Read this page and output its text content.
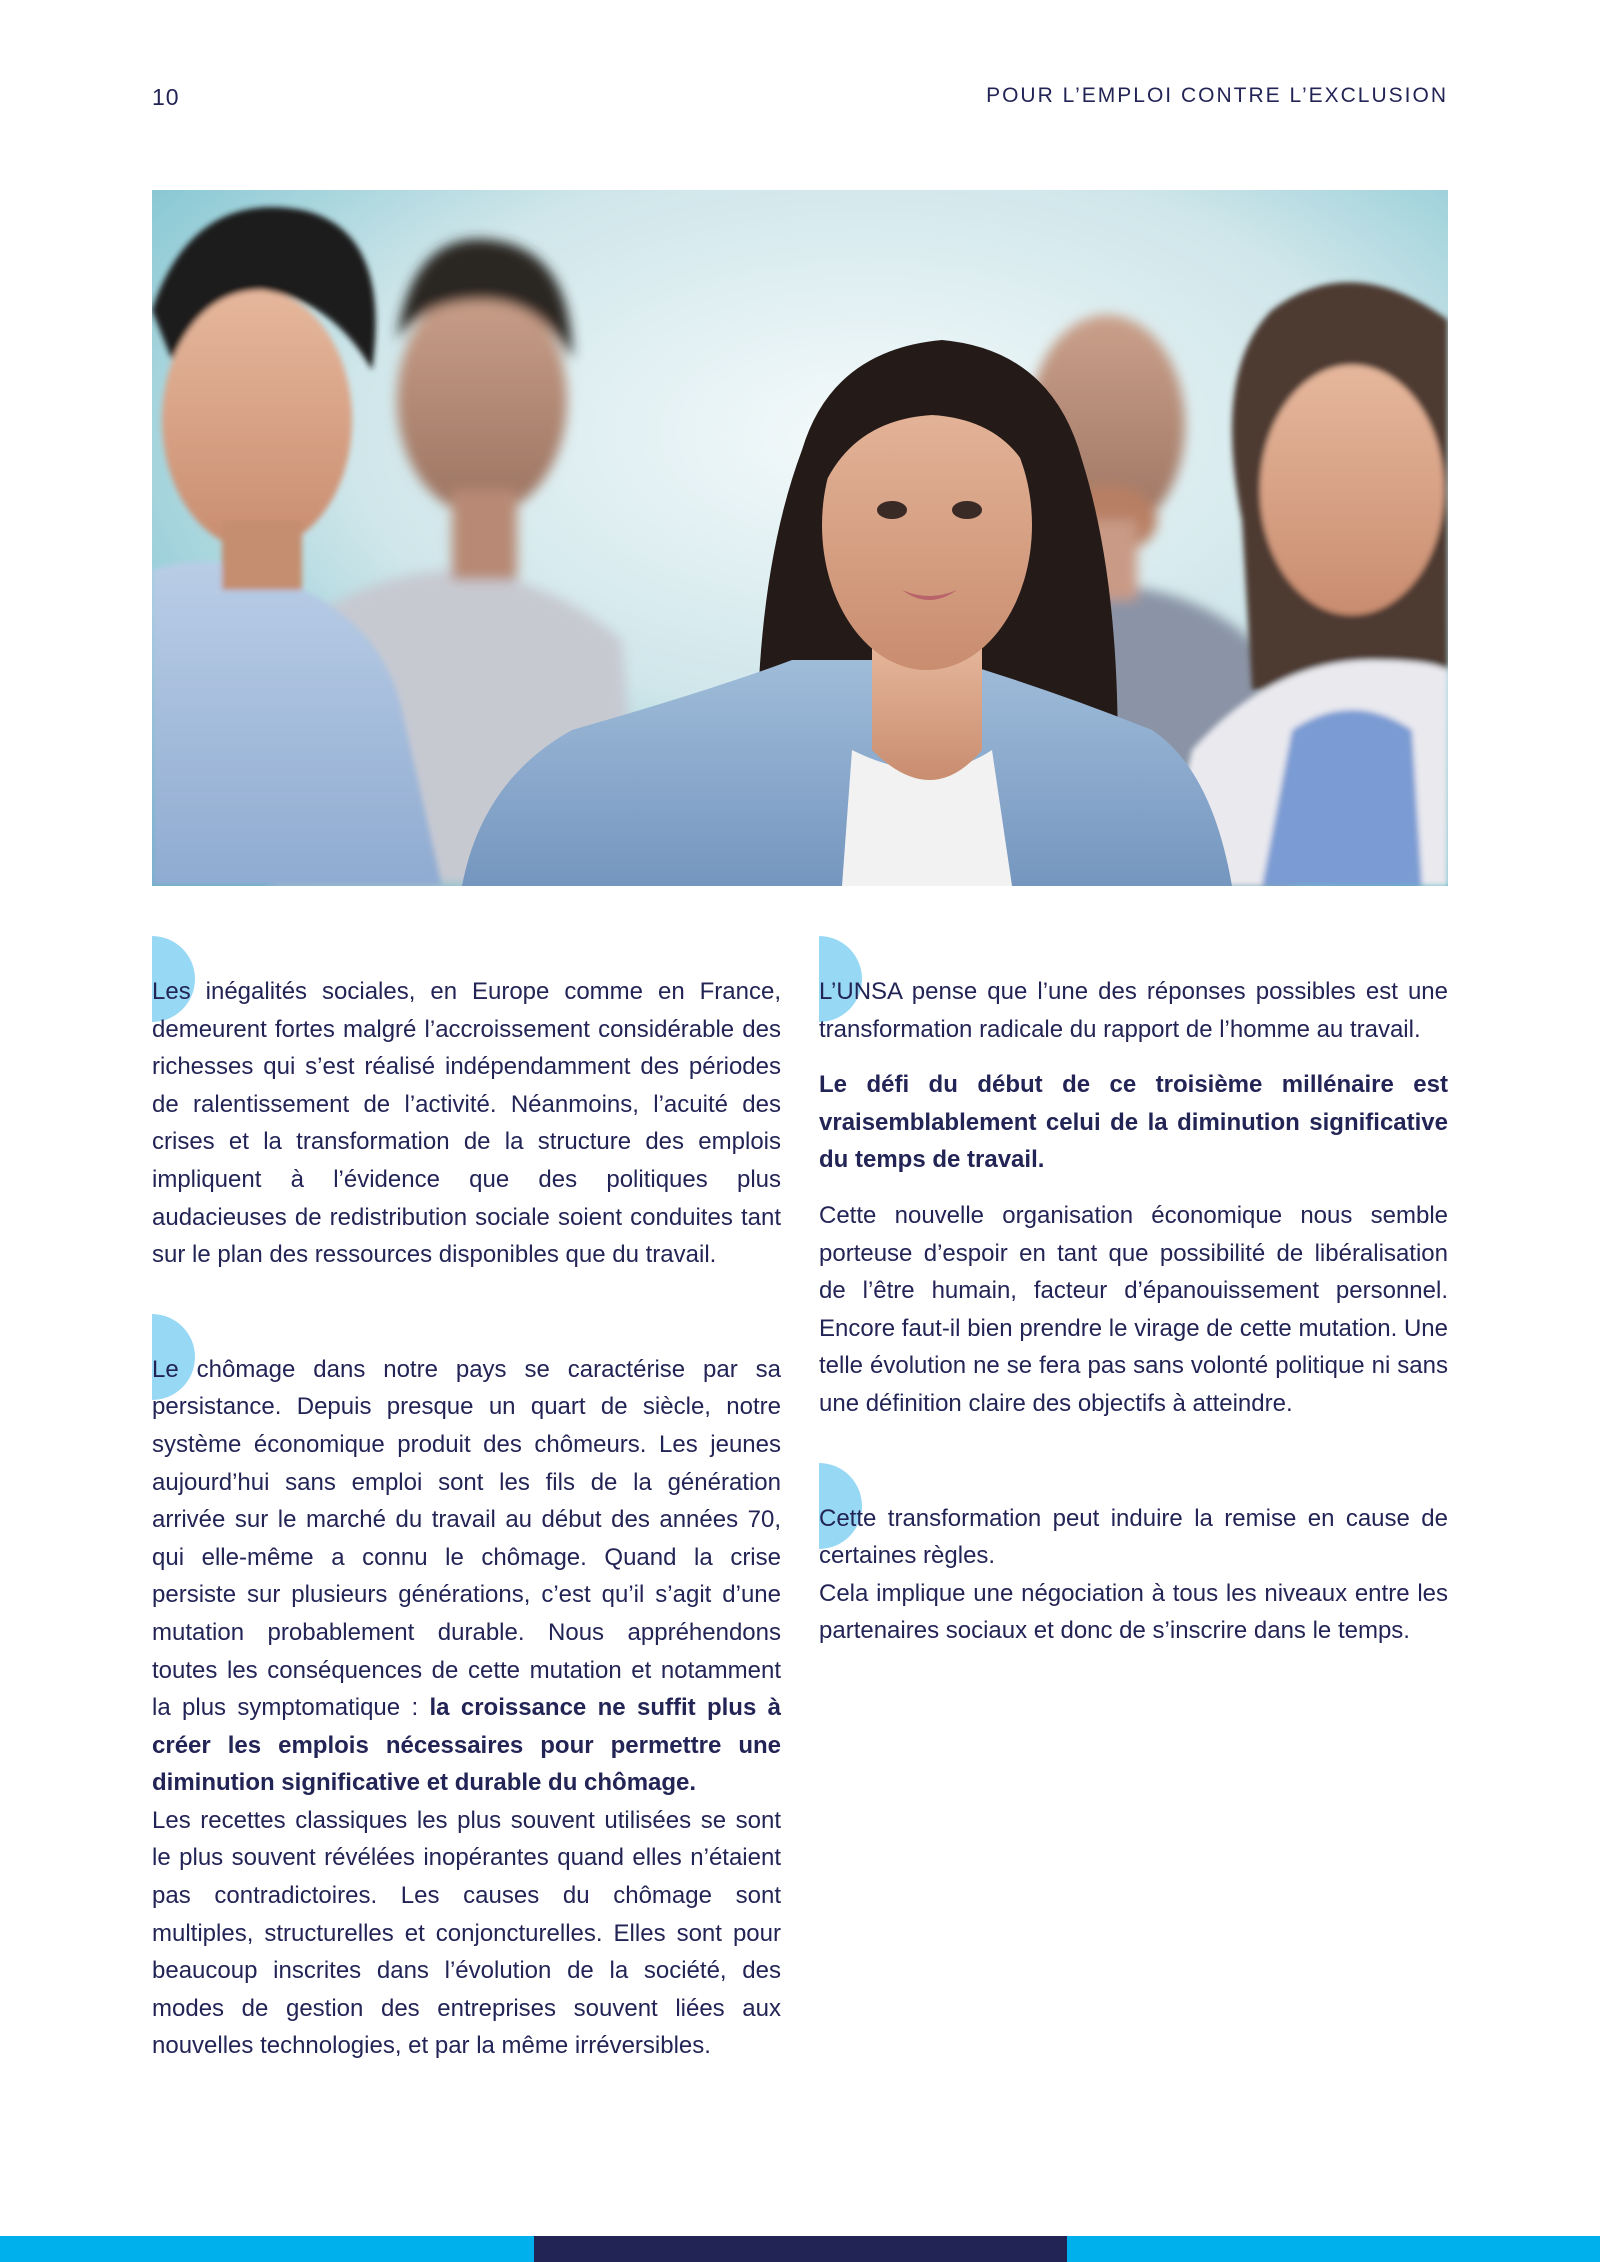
10	POUR L’EMPLOI CONTRE L’EXCLUSION

Les inégalités sociales, en Europe comme en France, demeurent fortes malgré l’accroissement considérable des richesses qui s’est réalisé indépendamment des périodes de ralentissement de l’activité. Néanmoins, l’acuité des crises et la transformation de la structure des emplois impliquent à l’évidence que des politiques plus audacieuses de redistribution sociale soient conduites tant sur le plan des ressources disponibles que du travail.

Le chômage dans notre pays se caractérise par sa persistance. Depuis presque un quart de siècle, notre système économique produit des chômeurs. Les jeunes aujourd’hui sans emploi sont les fils de la génération arrivée sur le marché du travail au début des années 70, qui elle-même a connu le chômage. Quand la crise persiste sur plusieurs générations, c’est qu’il s’agit d’une mutation probablement durable. Nous appréhendons toutes les conséquences de cette mutation et notamment la plus symptomatique : la croissance ne suffit plus à créer les emplois nécessaires pour permettre une diminution significative et durable du chômage.

Les recettes classiques les plus souvent utilisées se sont le plus souvent révélées inopérantes quand elles n’étaient pas contradictoires. Les causes du chômage sont multiples, structurelles et conjoncturelles. Elles sont pour beaucoup inscrites dans l’évolution de la société, des modes de gestion des entreprises souvent liées aux nouvelles technologies, et par la même irréversibles.

L’UNSA pense que l’une des réponses possibles est une transformation radicale du rapport de l’homme au travail.

Le défi du début de ce troisième millénaire est vraisemblablement celui de la diminution significative du temps de travail.

Cette nouvelle organisation économique nous semble porteuse d’espoir en tant que possibilité de libéralisation de l’être humain, facteur d’épanouissement personnel. Encore faut-il bien prendre le virage de cette mutation. Une telle évolution ne se fera pas sans volonté politique ni sans une définition claire des objectifs à atteindre.

Cette transformation peut induire la remise en cause de certaines règles.

Cela implique une négociation à tous les niveaux entre les partenaires sociaux et donc de s’inscrire dans le temps.
